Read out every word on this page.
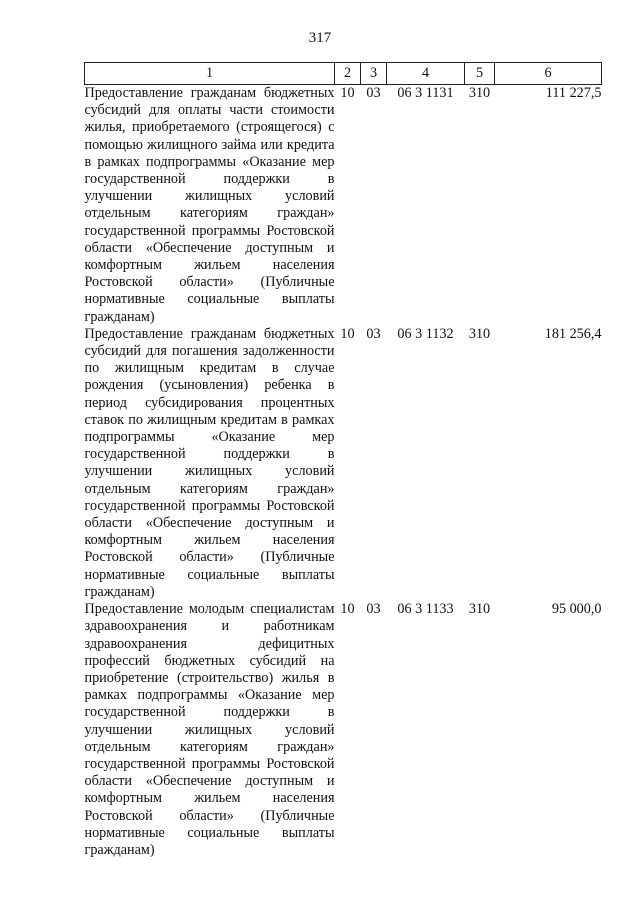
317
1	2	3	4	5	6
Предоставление гражданам бюджетных субсидий для оплаты части стоимости жилья, приобретаемого (строящегося) с помощью жилищного займа или кредита в рамках подпрограммы «Оказание мер государственной поддержки в улучшении жилищных условий отдельным категориям граждан» государственной программы Ростовской области «Обеспечение доступным и комфортным жильем населения Ростовской области» (Публичные нормативные социальные выплаты гражданам)	10	03	06 3 1131	310	111 227,5
Предоставление гражданам бюджетных субсидий для погашения задолженности по жилищным кредитам в случае рождения (усыновления) ребенка в период субсидирования процентных ставок по жилищным кредитам в рамках подпрограммы «Оказание мер государственной поддержки в улучшении жилищных условий отдельным категориям граждан» государственной программы Ростовской области «Обеспечение доступным и комфортным жильем населения Ростовской области» (Публичные нормативные социальные выплаты гражданам)	10	03	06 3 1132	310	181 256,4
Предоставление молодым специалистам здравоохранения и работникам здравоохранения дефицитных профессий бюджетных субсидий на приобретение (строительство) жилья в рамках подпрограммы «Оказание мер государственной поддержки в улучшении жилищных условий отдельным категориям граждан» государственной программы Ростовской области «Обеспечение доступным и комфортным жильем населения Ростовской области» (Публичные нормативные социальные выплаты гражданам)	10	03	06 3 1133	310	95 000,0
